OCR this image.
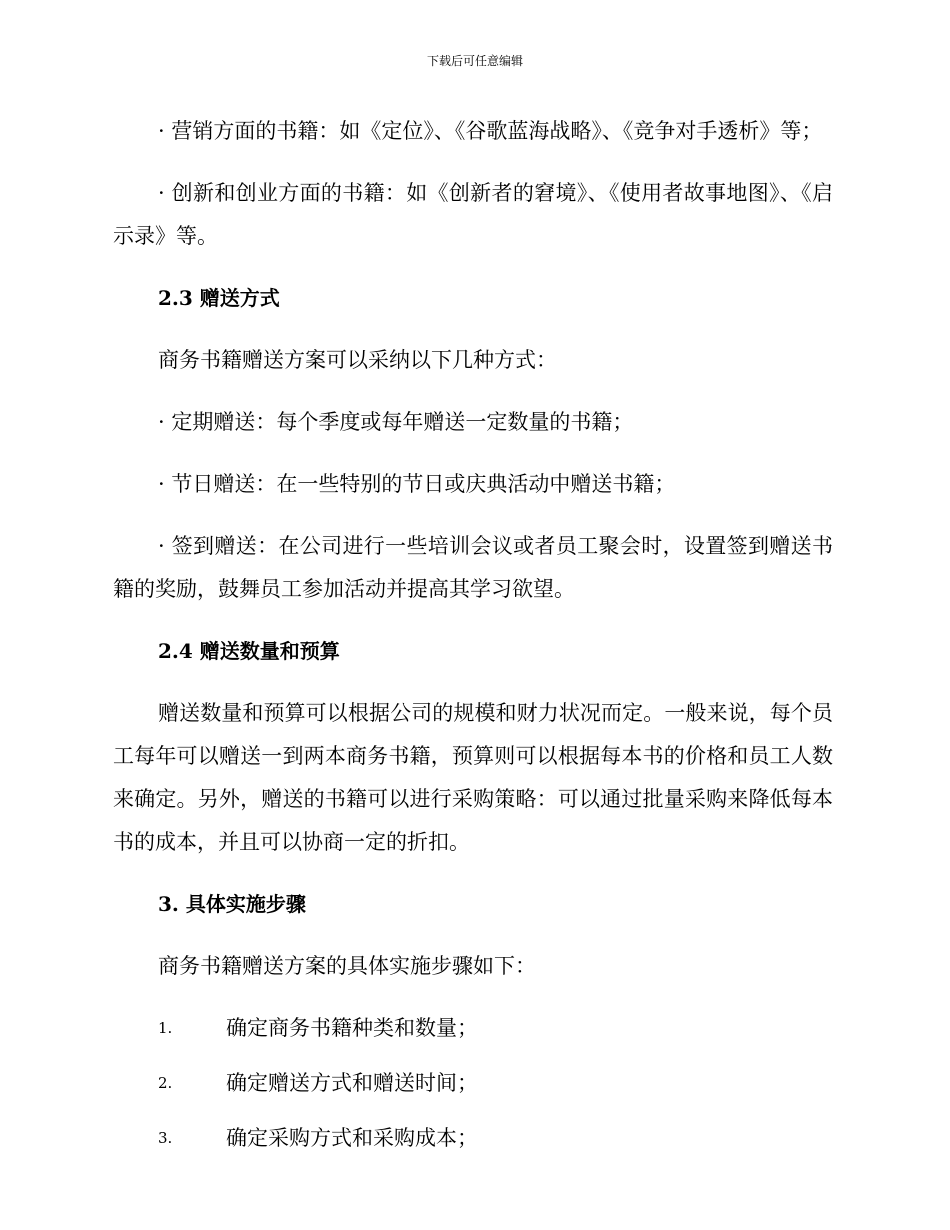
下载后可任意编辑

· 营销方面的书籍：如《定位》、《谷歌蓝海战略》、《竞争对手透析》等；

· 创新和创业方面的书籍：如《创新者的窘境》、《使用者故事地图》、《启示录》等。

2.3 赠送方式

商务书籍赠送方案可以采纳以下几种方式：

· 定期赠送：每个季度或每年赠送一定数量的书籍；

· 节日赠送：在一些特别的节日或庆典活动中赠送书籍；

· 签到赠送：在公司进行一些培训会议或者员工聚会时，设置签到赠送书籍的奖励，鼓舞员工参加活动并提高其学习欲望。

2.4 赠送数量和预算

赠送数量和预算可以根据公司的规模和财力状况而定。一般来说，每个员工每年可以赠送一到两本商务书籍，预算则可以根据每本书的价格和员工人数来确定。另外，赠送的书籍可以进行采购策略：可以通过批量采购来降低每本书的成本，并且可以协商一定的折扣。

3. 具体实施步骤

商务书籍赠送方案的具体实施步骤如下：

1.	确定商务书籍种类和数量；
2.	确定赠送方式和赠送时间；
3.	确定采购方式和采购成本；
